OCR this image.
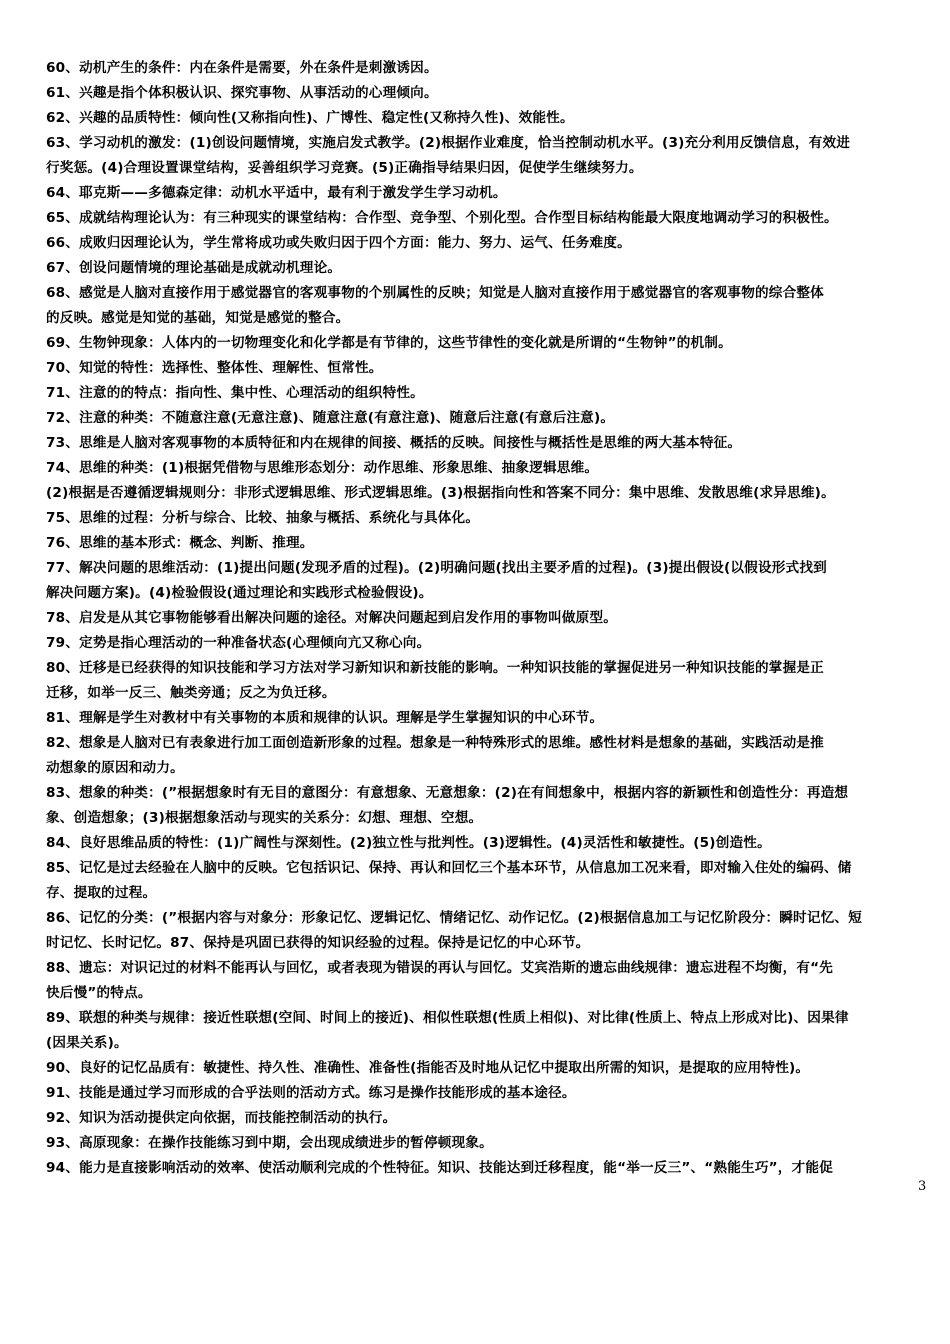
60、动机产生的条件：内在条件是需要，外在条件是刺激诱因。
61、兴趣是指个体积极认识、探究事物、从事活动的心理倾向。
62、兴趣的品质特性：倾向性(又称指向性)、广博性、稳定性(又称持久性)、效能性。
63、学习动机的激发：(1)创设问题情境，实施启发式教学。(2)根据作业难度，恰当控制动机水平。(3)充分利用反馈信息，有效进
行奖惩。(4)合理设置课堂结构，妥善组织学习竞赛。(5)正确指导结果归因，促使学生继续努力。
64、耶克斯——多德森定律：动机水平适中，最有利于激发学生学习动机。
65、成就结构理论认为：有三种现实的课堂结构：合作型、竞争型、个别化型。合作型目标结构能最大限度地调动学习的积极性。
66、成败归因理论认为，学生常将成功或失败归因于四个方面：能力、努力、运气、任务难度。
67、创设问题情境的理论基础是成就动机理论。
68、感觉是人脑对直接作用于感觉器官的客观事物的个别属性的反映；知觉是人脑对直接作用于感觉器官的客观事物的综合整体
的反映。感觉是知觉的基础，知觉是感觉的整合。
69、生物钟现象：人体内的一切物理变化和化学都是有节律的，这些节律性的变化就是所谓的“生物钟”的机制。
70、知觉的特性：选择性、整体性、理解性、恒常性。
71、注意的的特点：指向性、集中性、心理活动的组织特性。
72、注意的种类：不随意注意(无意注意)、随意注意(有意注意)、随意后注意(有意后注意)。
73、思维是人脑对客观事物的本质特征和内在规律的间接、概括的反映。间接性与概括性是思维的两大基本特征。
74、思维的种类：(1)根据凭借物与思维形态划分：动作思维、形象思维、抽象逻辑思维。
(2)根据是否遵循逻辑规则分：非形式逻辑思维、形式逻辑思维。(3)根据指向性和答案不同分：集中思维、发散思维(求异思维)。
75、思维的过程：分析与综合、比较、抽象与概括、系统化与具体化。
76、思维的基本形式：概念、判断、推理。
77、解决问题的思维活动：(1)提出问题(发现矛盾的过程)。(2)明确问题(找出主要矛盾的过程)。(3)提出假设(以假设形式找到
解决问题方案)。(4)检验假设(通过理论和实践形式检验假设)。
78、启发是从其它事物能够看出解决问题的途径。对解决问题起到启发作用的事物叫做原型。
79、定势是指心理活动的一种准备状态(心理倾向亢又称心向。
80、迁移是已经获得的知识技能和学习方法对学习新知识和新技能的影响。一种知识技能的掌握促进另一种知识技能的掌握是正
迁移，如举一反三、触类旁通；反之为负迁移。
81、理解是学生对教材中有关事物的本质和规律的认识。理解是学生掌握知识的中心环节。
82、想象是人脑对已有表象进行加工面创造新形象的过程。想象是一种特殊形式的思维。感性材料是想象的基础，实践活动是推
动想象的原因和动力。
83、想象的种类：(”根据想象时有无目的意图分：有意想象、无意想象：(2)在有间想象中，根据内容的新颖性和创造性分：再造想
象、创造想象；(3)根据想象活动与现实的关系分：幻想、理想、空想。
84、良好思维品质的特性：(1)广阔性与深刻性。(2)独立性与批判性。(3)逻辑性。(4)灵活性和敏捷性。(5)创造性。
85、记忆是过去经验在人脑中的反映。它包括识记、保持、再认和回忆三个基本环节，从信息加工况来看，即对输入住处的编码、储
存、提取的过程。
86、记忆的分类：(”根据内容与对象分：形象记忆、逻辑记忆、情绪记忆、动作记忆。(2)根据信息加工与记忆阶段分：瞬时记忆、短
时记忆、长时记忆。87、保持是巩固已获得的知识经验的过程。保持是记忆的中心环节。
88、遗忘：对识记过的材料不能再认与回忆，或者表现为错误的再认与回忆。艾宾浩斯的遗忘曲线规律：遗忘进程不均衡，有“先
快后慢”的特点。
89、联想的种类与规律：接近性联想(空间、时间上的接近)、相似性联想(性质上相似)、对比律(性质上、特点上形成对比)、因果律
(因果关系)。
90、良好的记忆品质有：敏捷性、持久性、准确性、准备性(指能否及时地从记忆中提取出所需的知识，是提取的应用特性)。
91、技能是通过学习而形成的合乎法则的活动方式。练习是操作技能形成的基本途径。
92、知识为活动提供定向依据，而技能控制活动的执行。
93、高原现象：在操作技能练习到中期，会出现成绩进步的暂停顿现象。
94、能力是直接影响活动的效率、使活动顺利完成的个性特征。知识、技能达到迁移程度，能“举一反三”、“熟能生巧”，才能促
3
